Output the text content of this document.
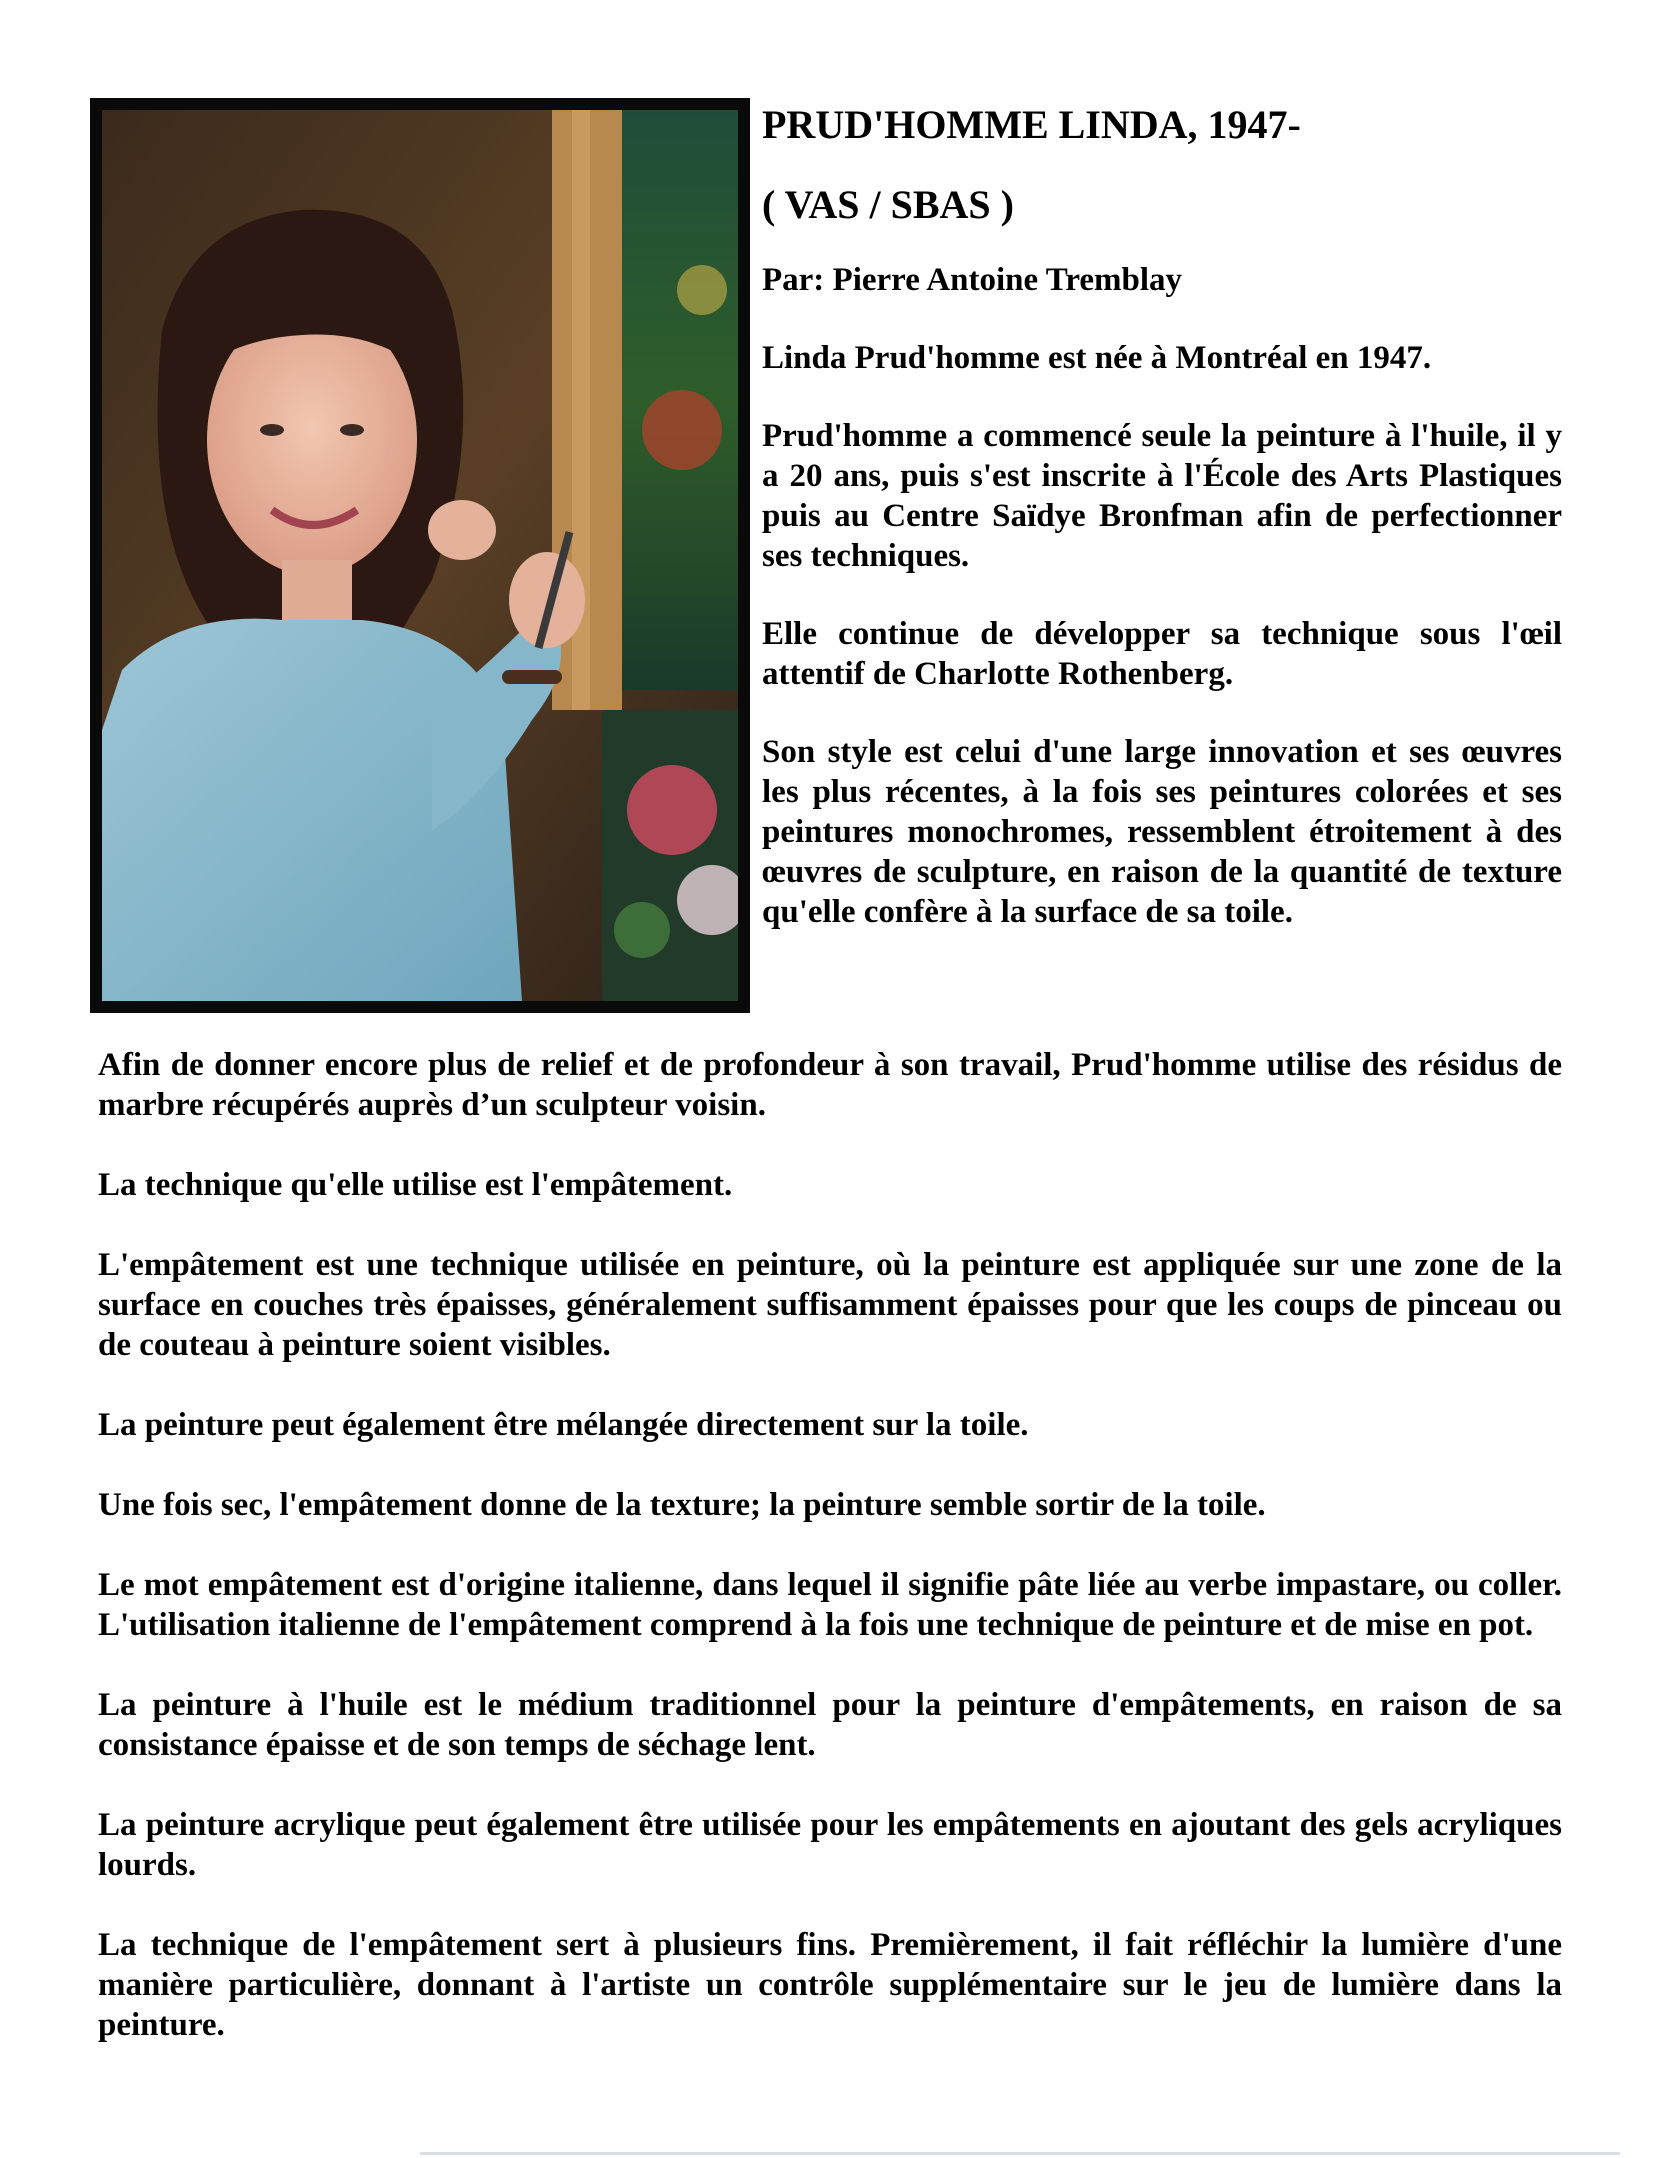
PRUD'HOMME LINDA, 1947-
( VAS / SBAS )

Par: Pierre Antoine Tremblay

Linda Prud'homme est née à Montréal en 1947.

Prud'homme a commencé seule la peinture à l'huile, il y a 20 ans, puis s'est inscrite à l'École des Arts Plastiques puis au Centre Saïdye Bronfman afin de perfectionner ses techniques.

Elle continue de développer sa technique sous l'œil attentif de Charlotte Rothenberg.

Son style est celui d'une large innovation et ses œuvres les plus récentes, à la fois ses peintures colorées et ses peintures monochromes, ressemblent étroitement à des œuvres de sculpture, en raison de la quantité de texture qu'elle confère à la surface de sa toile.

Afin de donner encore plus de relief et de profondeur à son travail, Prud'homme utilise des résidus de marbre récupérés auprès d’un sculpteur voisin.

La technique qu'elle utilise est l'empâtement.

L'empâtement est une technique utilisée en peinture, où la peinture est appliquée sur une zone de la surface en couches très épaisses, généralement suffisamment épaisses pour que les coups de pinceau ou de couteau à peinture soient visibles.

La peinture peut également être mélangée directement sur la toile.

Une fois sec, l'empâtement donne de la texture; la peinture semble sortir de la toile.

Le mot empâtement est d'origine italienne, dans lequel il signifie pâte liée au verbe impastare, ou coller. L'utilisation italienne de l'empâtement comprend à la fois une technique de peinture et de mise en pot.

La peinture à l'huile est le médium traditionnel pour la peinture d'empâtements, en raison de sa consistance épaisse et de son temps de séchage lent.

La peinture acrylique peut également être utilisée pour les empâtements en ajoutant des gels acryliques lourds.

La technique de l'empâtement sert à plusieurs fins. Premièrement, il fait réfléchir la lumière d'une manière particulière, donnant à l'artiste un contrôle supplémentaire sur le jeu de lumière dans la peinture.
